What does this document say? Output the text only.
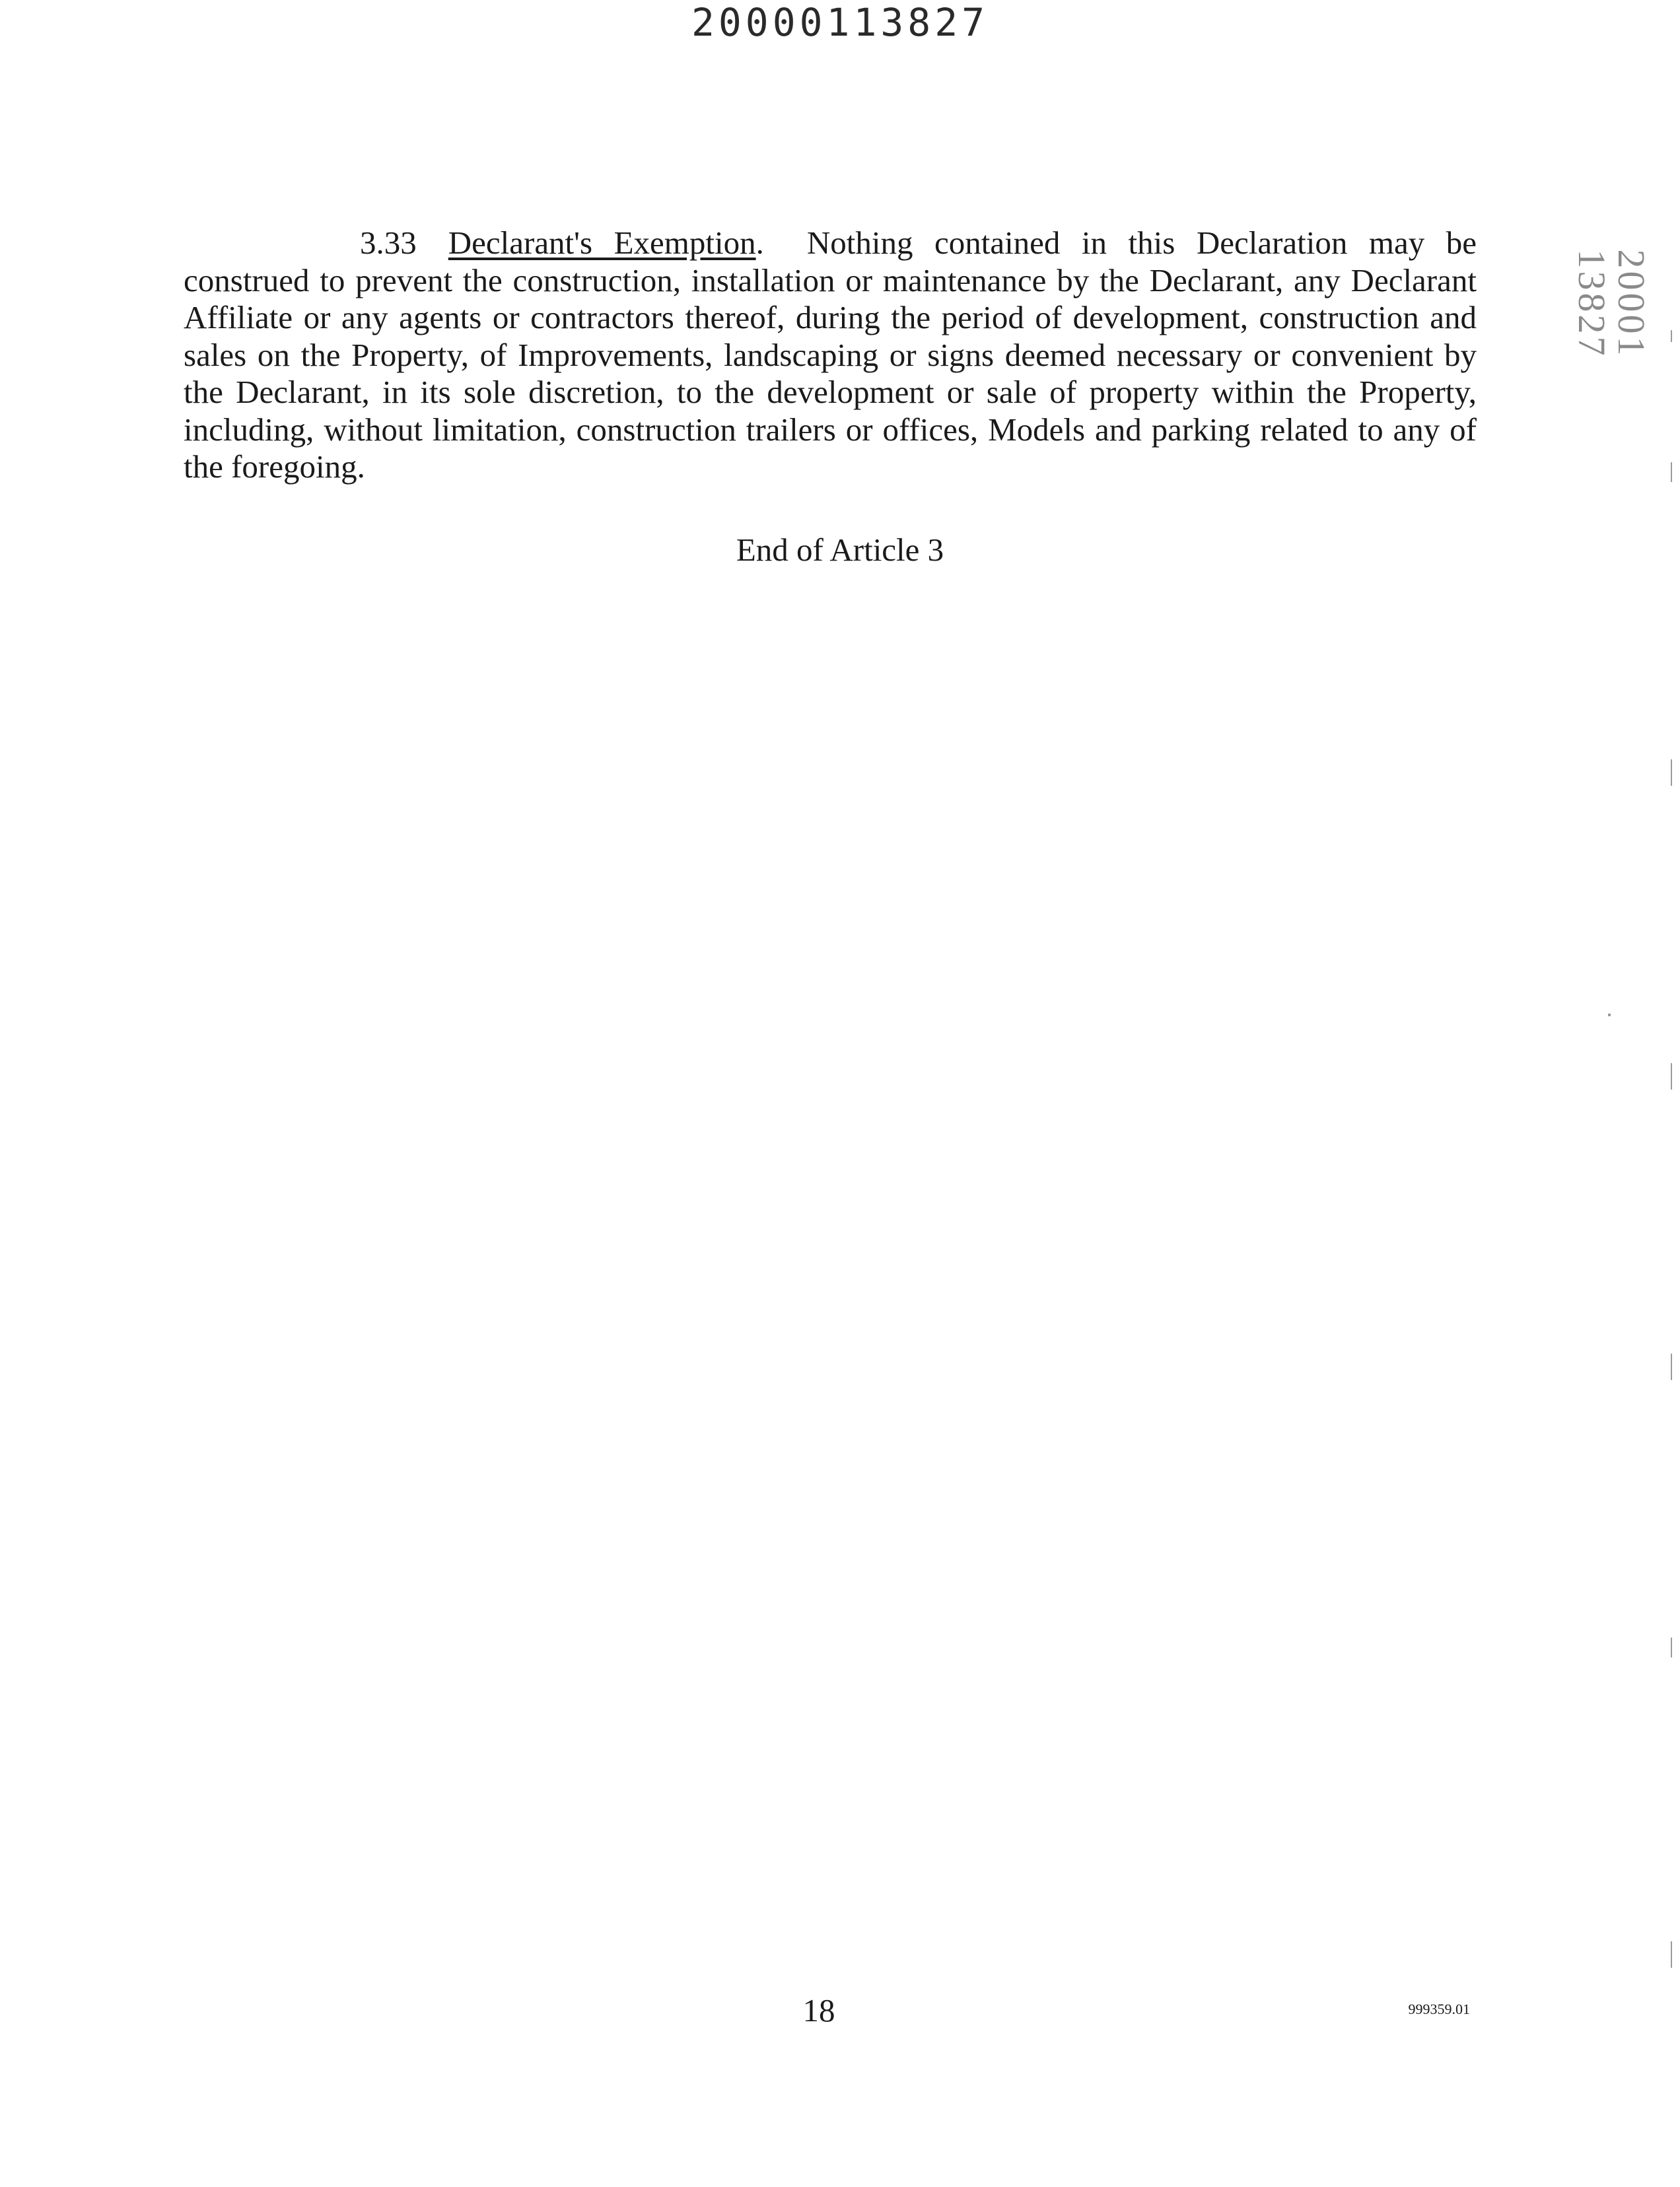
20000113827
20001 13827
3.33 Declarant's Exemption. Nothing contained in this Declaration may be construed to prevent the construction, installation or maintenance by the Declarant, any Declarant Affiliate or any agents or contractors thereof, during the period of development, construction and sales on the Property, of Improvements, landscaping or signs deemed necessary or convenient by the Declarant, in its sole discretion, to the development or sale of property within the Property, including, without limitation, construction trailers or offices, Models and parking related to any of the foregoing.
End of Article 3
18	999359.01
